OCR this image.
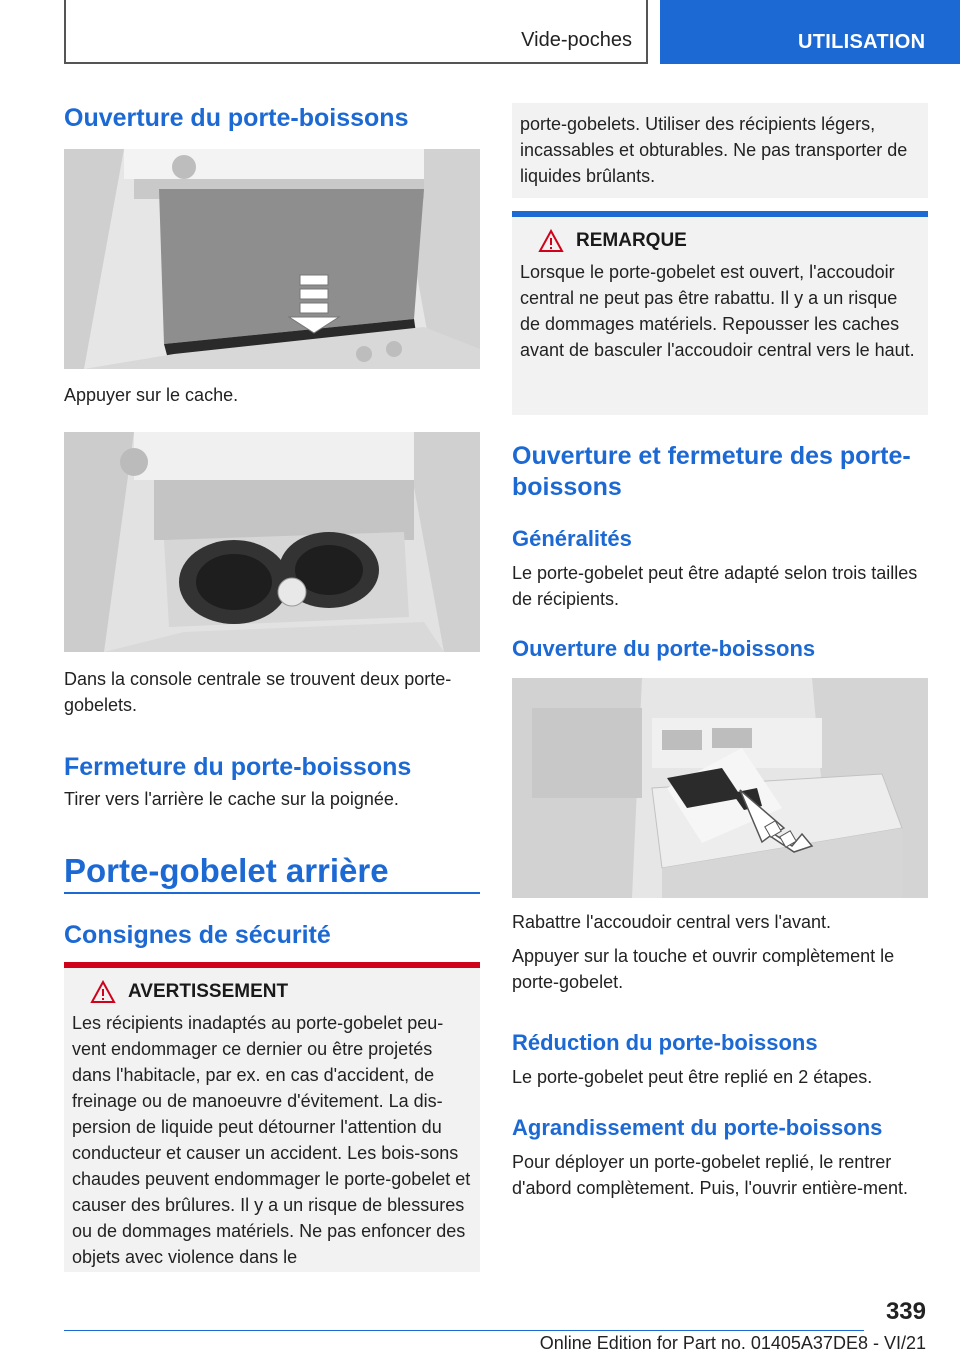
Vide-poches	UTILISATION
Ouverture du porte-boissons

Appuyer sur le cache.

Dans la console centrale se trouvent deux porte-gobelets.

Fermeture du porte-boissons

Tirer vers l'arrière le cache sur la poignée.

Porte-gobelet arrière
Consignes de sécurité
AVERTISSEMENT

Les récipients inadaptés au porte-gobelet peu-vent endommager ce dernier ou être projetés dans l'habitacle, par ex. en cas d'accident, de freinage ou de manoeuvre d'évitement. La dis-persion de liquide peut détourner l'attention du conducteur et causer un accident. Les bois-sons chaudes peuvent endommager le porte-gobelet et causer des brûlures. Il y a un risque de blessures ou de dommages matériels. Ne pas enfoncer des objets avec violence dans le

porte-gobelets. Utiliser des récipients légers, incassables et obturables. Ne pas transporter de liquides brûlants.

REMARQUE

Lorsque le porte-gobelet est ouvert, l'accoudoir central ne peut pas être rabattu. Il y a un risque de dommages matériels. Repousser les caches avant de basculer l'accoudoir central vers le haut.

Ouverture et fermeture des porte-boissons
Généralités

Le porte-gobelet peut être adapté selon trois tailles de récipients.

Ouverture du porte-boissons

Rabattre l'accoudoir central vers l'avant.

Appuyer sur la touche et ouvrir complètement le porte-gobelet.

Réduction du porte-boissons

Le porte-gobelet peut être replié en 2 étapes.

Agrandissement du porte-boissons

Pour déployer un porte-gobelet replié, le rentrer d'abord complètement. Puis, l'ouvrir entière-ment.

339
Online Edition for Part no. 01405A37DE8 - VI/21
